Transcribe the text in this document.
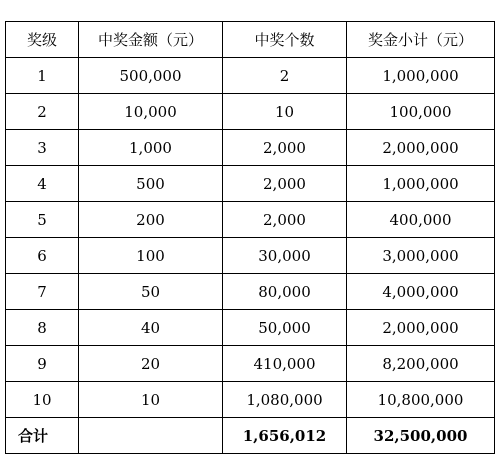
奖级	中奖金额（元）	中奖个数	奖金小计（元）
1	500,000	2	1,000,000
2	10,000	10	100,000
3	1,000	2,000	2,000,000
4	500	2,000	1,000,000
5	200	2,000	400,000
6	100	30,000	3,000,000
7	50	80,000	4,000,000
8	40	50,000	2,000,000
9	20	410,000	8,200,000
10	10	1,080,000	10,800,000
合计		1,656,012	32,500,000
